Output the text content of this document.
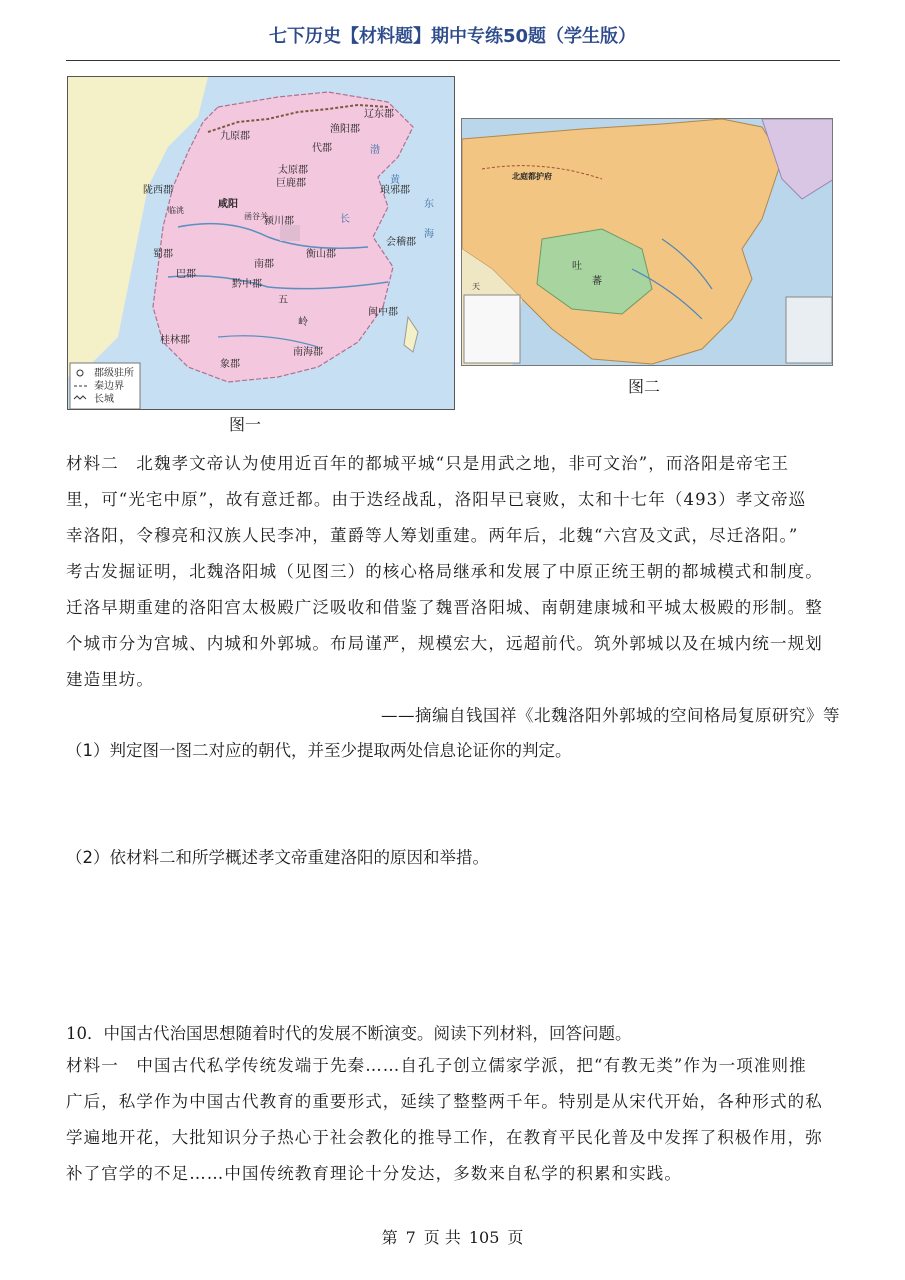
七下历史【材料题】期中专练50题（学生版）
辽东郡
渔阳郡
九原郡
代郡
太原郡
巨鹿郡
琅邪郡
陇西郡
咸阳
临洮
函谷关
颍川郡
会稽郡
蜀郡
巴郡
南郡
衡山郡
黔中郡
五
岭
闽中郡
桂林郡
象郡
南海郡
长
黄
渤
东
海
郡级驻所
秦边界
长城
图一
北庭都护府
吐
天	蕃
图二
材料二　北魏孝文帝认为使用近百年的都城平城“只是用武之地，非可文治”，而洛阳是帝宅王
里，可“光宅中原”，故有意迁都。由于迭经战乱，洛阳早已衰败，太和十七年（493）孝文帝巡
幸洛阳，令穆亮和汉族人民李冲，董爵等人筹划重建。两年后，北魏“六宫及文武，尽迁洛阳。”
考古发掘证明，北魏洛阳城（见图三）的核心格局继承和发展了中原正统王朝的都城模式和制度。
迁洛早期重建的洛阳宫太极殿广泛吸收和借鉴了魏晋洛阳城、南朝建康城和平城太极殿的形制。整
个城市分为宫城、内城和外郭城。布局谨严，规模宏大，远超前代。筑外郭城以及在城内统一规划
建造里坊。
——摘编自钱国祥《北魏洛阳外郭城的空间格局复原研究》等
（1）判定图一图二对应的朝代，并至少提取两处信息论证你的判定。
（2）依材料二和所学概述孝文帝重建洛阳的原因和举措。
10．中国古代治国思想随着时代的发展不断演变。阅读下列材料，回答问题。
材料一　中国古代私学传统发端于先秦……自孔子创立儒家学派，把“有教无类”作为一项准则推
广后，私学作为中国古代教育的重要形式，延续了整整两千年。特别是从宋代开始，各种形式的私
学遍地开花，大批知识分子热心于社会教化的推导工作，在教育平民化普及中发挥了积极作用，弥
补了官学的不足……中国传统教育理论十分发达，多数来自私学的积累和实践。
第 7 页 共 105 页
